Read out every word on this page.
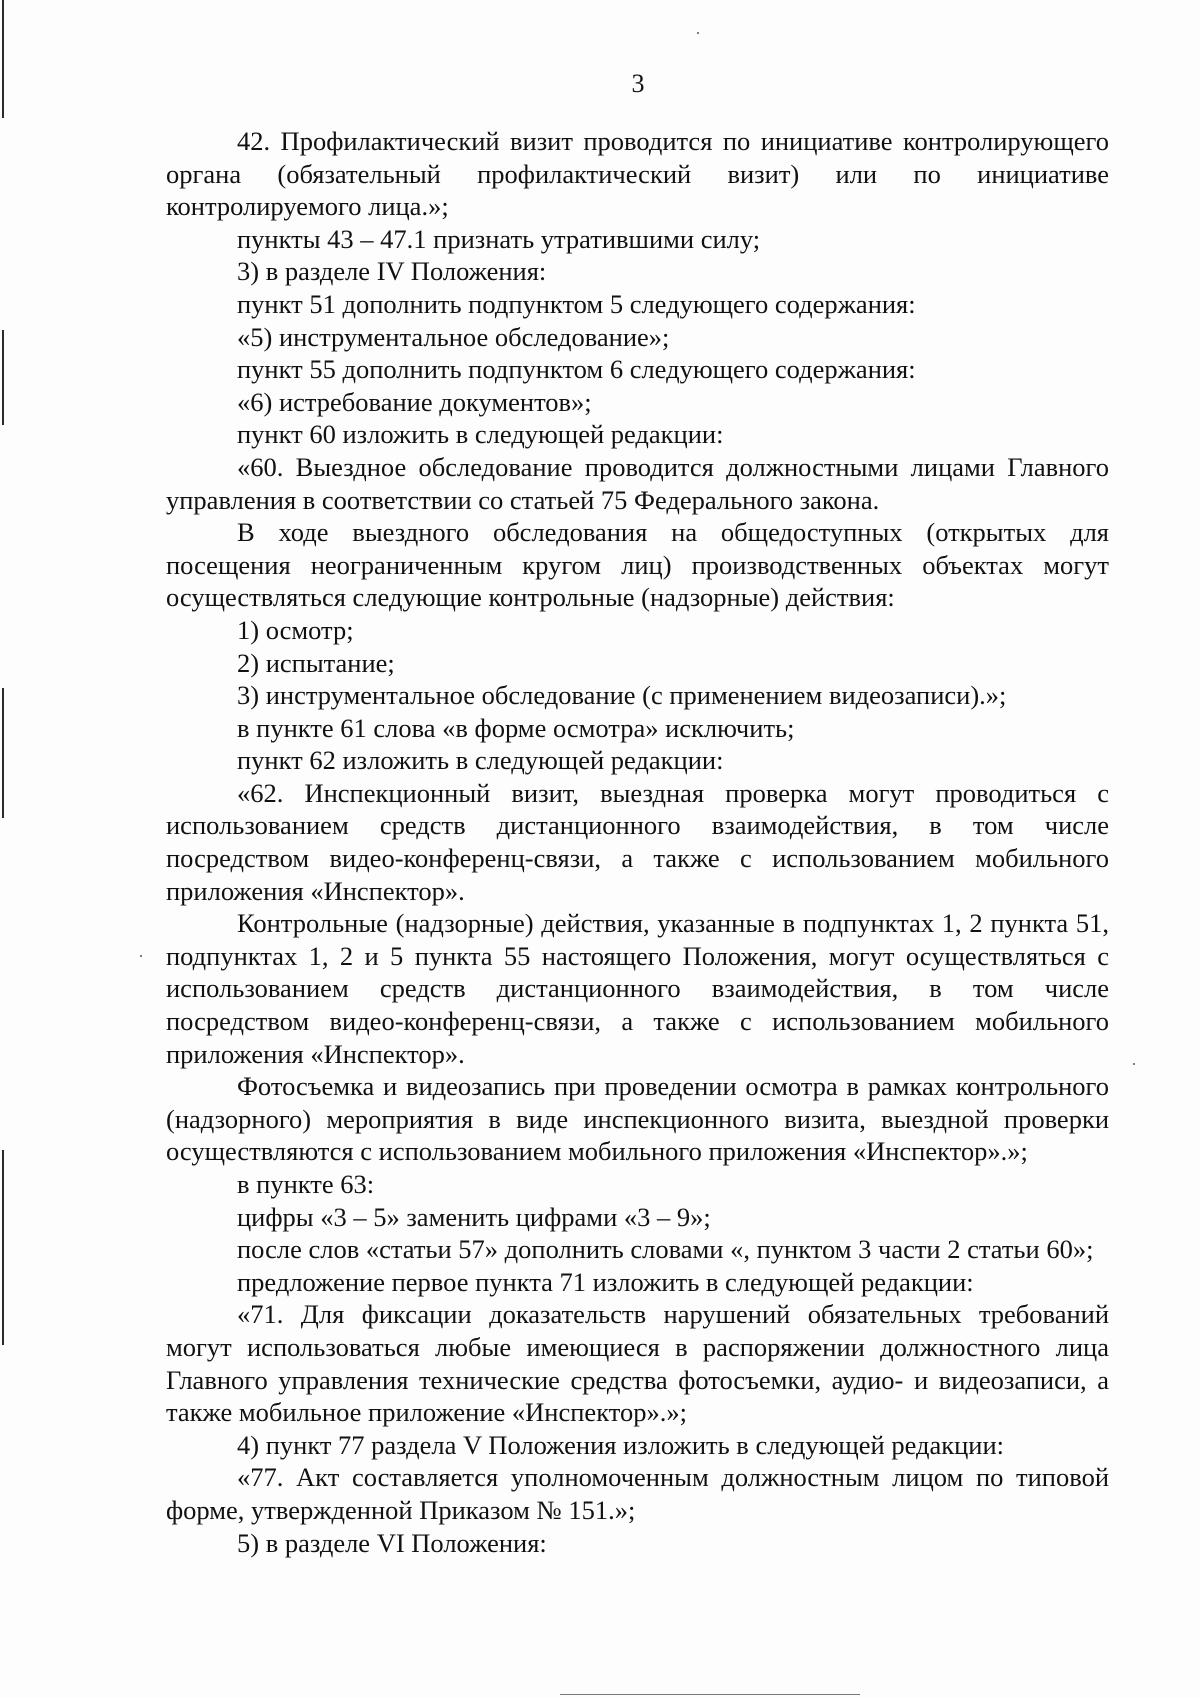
3

42. Профилактический визит проводится по инициативе контролирующего органа (обязательный профилактический визит) или по инициативе контролируемого лица.»;

пункты 43 – 47.1 признать утратившими силу;

3) в разделе IV Положения:

пункт 51 дополнить подпунктом 5 следующего содержания:

«5) инструментальное обследование»;

пункт 55 дополнить подпунктом 6 следующего содержания:

«6) истребование документов»;

пункт 60 изложить в следующей редакции:

«60. Выездное обследование проводится должностными лицами Главного управления в соответствии со статьей 75 Федерального закона.

В ходе выездного обследования на общедоступных (открытых для посещения неограниченным кругом лиц) производственных объектах могут осуществляться следующие контрольные (надзорные) действия:

1) осмотр;

2) испытание;

3) инструментальное обследование (с применением видеозаписи).»;

в пункте 61 слова «в форме осмотра» исключить;

пункт 62 изложить в следующей редакции:

«62. Инспекционный визит, выездная проверка могут проводиться с использованием средств дистанционного взаимодействия, в том числе посредством видео-конференц-связи, а также с использованием мобильного приложения «Инспектор».

Контрольные (надзорные) действия, указанные в подпунктах 1, 2 пункта 51, подпунктах 1, 2 и 5 пункта 55 настоящего Положения, могут осуществляться с использованием средств дистанционного взаимодействия, в том числе посредством видео-конференц-связи, а также с использованием мобильного приложения «Инспектор».

Фотосъемка и видеозапись при проведении осмотра в рамках контрольного (надзорного) мероприятия в виде инспекционного визита, выездной проверки осуществляются с использованием мобильного приложения «Инспектор».»;

в пункте 63:

цифры «3 – 5» заменить цифрами «3 – 9»;

после слов «статьи 57» дополнить словами «, пунктом 3 части 2 статьи 60»;

предложение первое пункта 71 изложить в следующей редакции:

«71. Для фиксации доказательств нарушений обязательных требований могут использоваться любые имеющиеся в распоряжении должностного лица Главного управления технические средства фотосъемки, аудио- и видеозаписи, а также мобильное приложение «Инспектор».»;

4) пункт 77 раздела V Положения изложить в следующей редакции:

«77. Акт составляется уполномоченным должностным лицом по типовой форме, утвержденной Приказом № 151.»;

5) в разделе VI Положения:
